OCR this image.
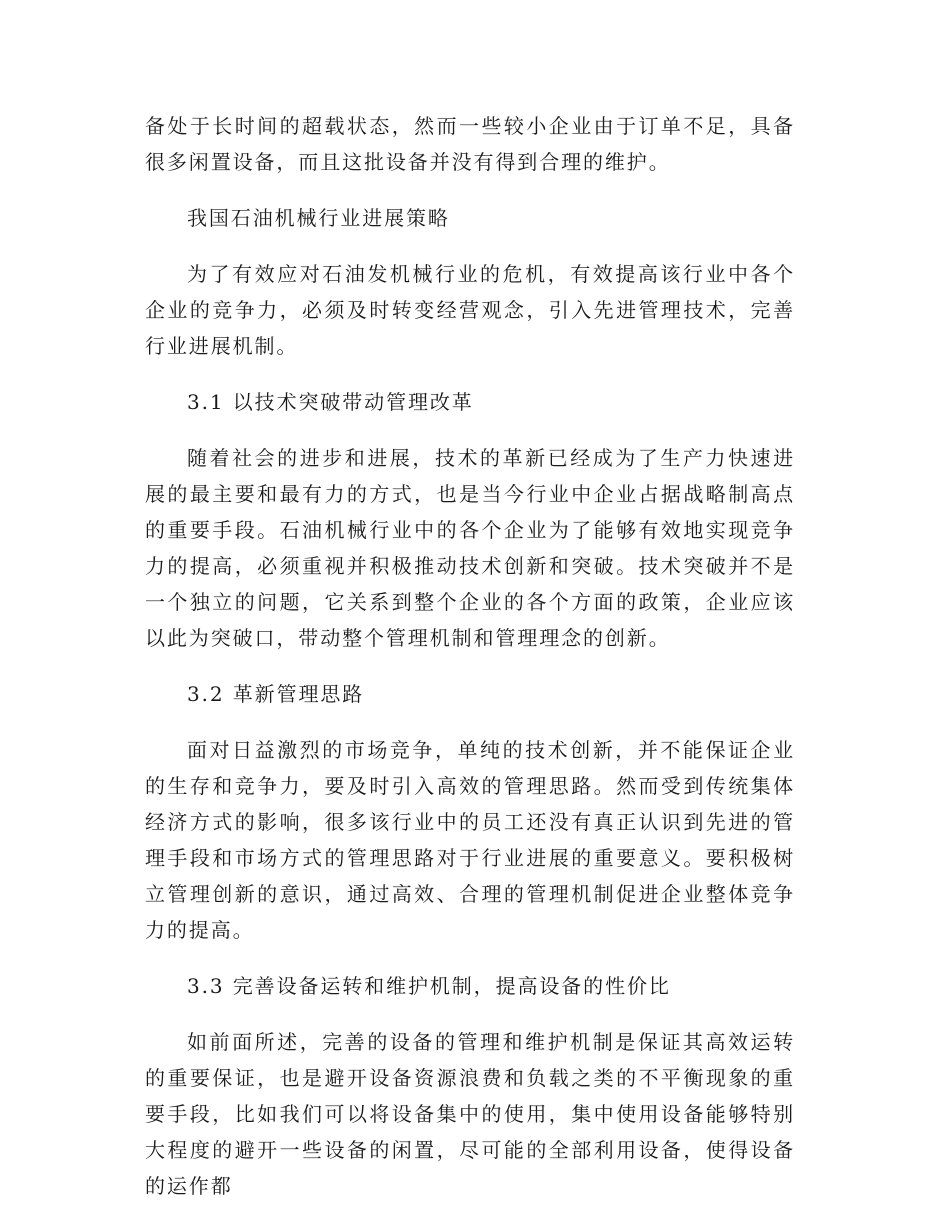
备处于长时间的超载状态，然而一些较小企业由于订单不足，具备很多闲置设备，而且这批设备并没有得到合理的维护。

我国石油机械行业进展策略

为了有效应对石油发机械行业的危机，有效提高该行业中各个企业的竞争力，必须及时转变经营观念，引入先进管理技术，完善行业进展机制。

3.1 以技术突破带动管理改革

随着社会的进步和进展，技术的革新已经成为了生产力快速进展的最主要和最有力的方式，也是当今行业中企业占据战略制高点的重要手段。石油机械行业中的各个企业为了能够有效地实现竞争力的提高，必须重视并积极推动技术创新和突破。技术突破并不是一个独立的问题，它关系到整个企业的各个方面的政策，企业应该以此为突破口，带动整个管理机制和管理理念的创新。

3.2 革新管理思路

面对日益激烈的市场竞争，单纯的技术创新，并不能保证企业的生存和竞争力，要及时引入高效的管理思路。然而受到传统集体经济方式的影响，很多该行业中的员工还没有真正认识到先进的管理手段和市场方式的管理思路对于行业进展的重要意义。要积极树立管理创新的意识，通过高效、合理的管理机制促进企业整体竞争力的提高。

3.3 完善设备运转和维护机制，提高设备的性价比

如前面所述，完善的设备的管理和维护机制是保证其高效运转的重要保证，也是避开设备资源浪费和负载之类的不平衡现象的重要手段，比如我们可以将设备集中的使用，集中使用设备能够特别大程度的避开一些设备的闲置，尽可能的全部利用设备，使得设备的运作都
